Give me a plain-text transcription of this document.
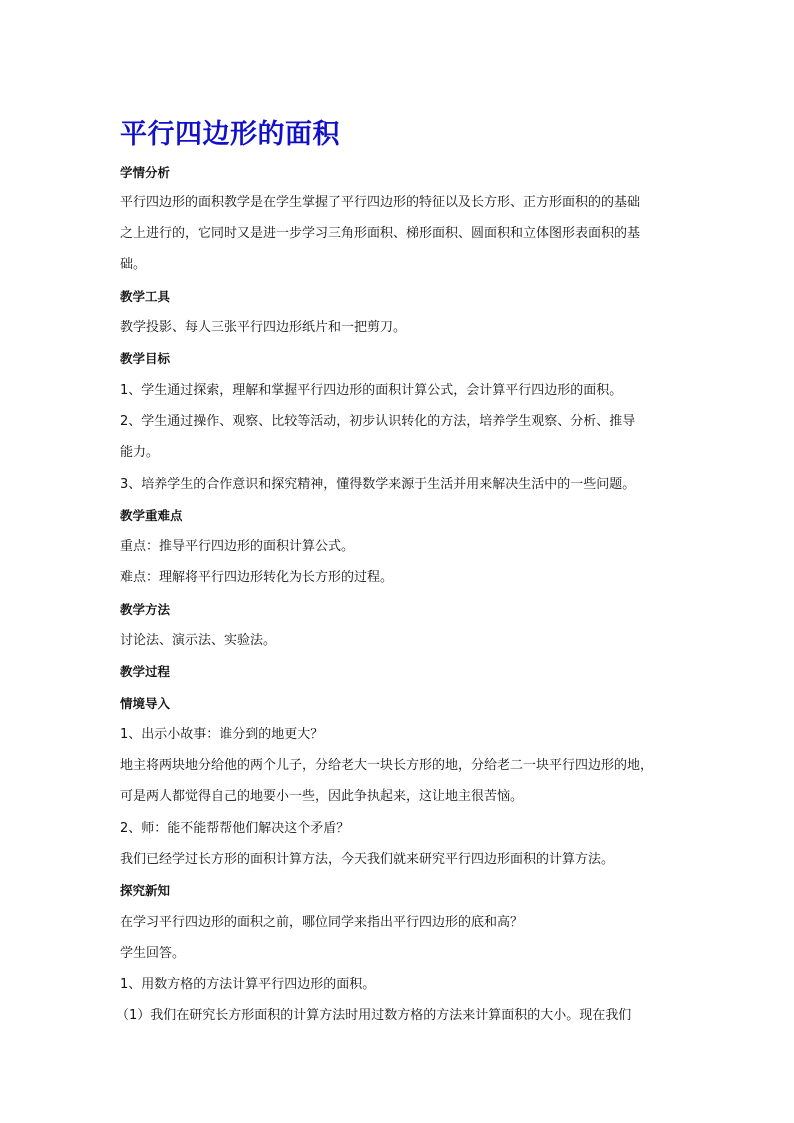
平行四边形的面积

学情分析

平行四边形的面积教学是在学生掌握了平行四边形的特征以及长方形、正方形面积的的基础

之上进行的，它同时又是进一步学习三角形面积、梯形面积、圆面积和立体图形表面积的基

础。

教学工具

教学投影、每人三张平行四边形纸片和一把剪刀。

教学目标

1、学生通过探索，理解和掌握平行四边形的面积计算公式，会计算平行四边形的面积。

2、学生通过操作、观察、比较等活动，初步认识转化的方法，培养学生观察、分析、推导

能力。

3、培养学生的合作意识和探究精神，懂得数学来源于生活并用来解决生活中的一些问题。

教学重难点

重点：推导平行四边形的面积计算公式。

难点：理解将平行四边形转化为长方形的过程。

教学方法

讨论法、演示法、实验法。

教学过程

情境导入

1、出示小故事：谁分到的地更大？

地主将两块地分给他的两个儿子，分给老大一块长方形的地，分给老二一块平行四边形的地，

可是两人都觉得自己的地要小一些，因此争执起来，这让地主很苦恼。

2、师：能不能帮帮他们解决这个矛盾？

我们已经学过长方形的面积计算方法，今天我们就来研究平行四边形面积的计算方法。

探究新知

在学习平行四边形的面积之前，哪位同学来指出平行四边形的底和高？

学生回答。

1、用数方格的方法计算平行四边形的面积。

（1）我们在研究长方形面积的计算方法时用过数方格的方法来计算面积的大小。现在我们
